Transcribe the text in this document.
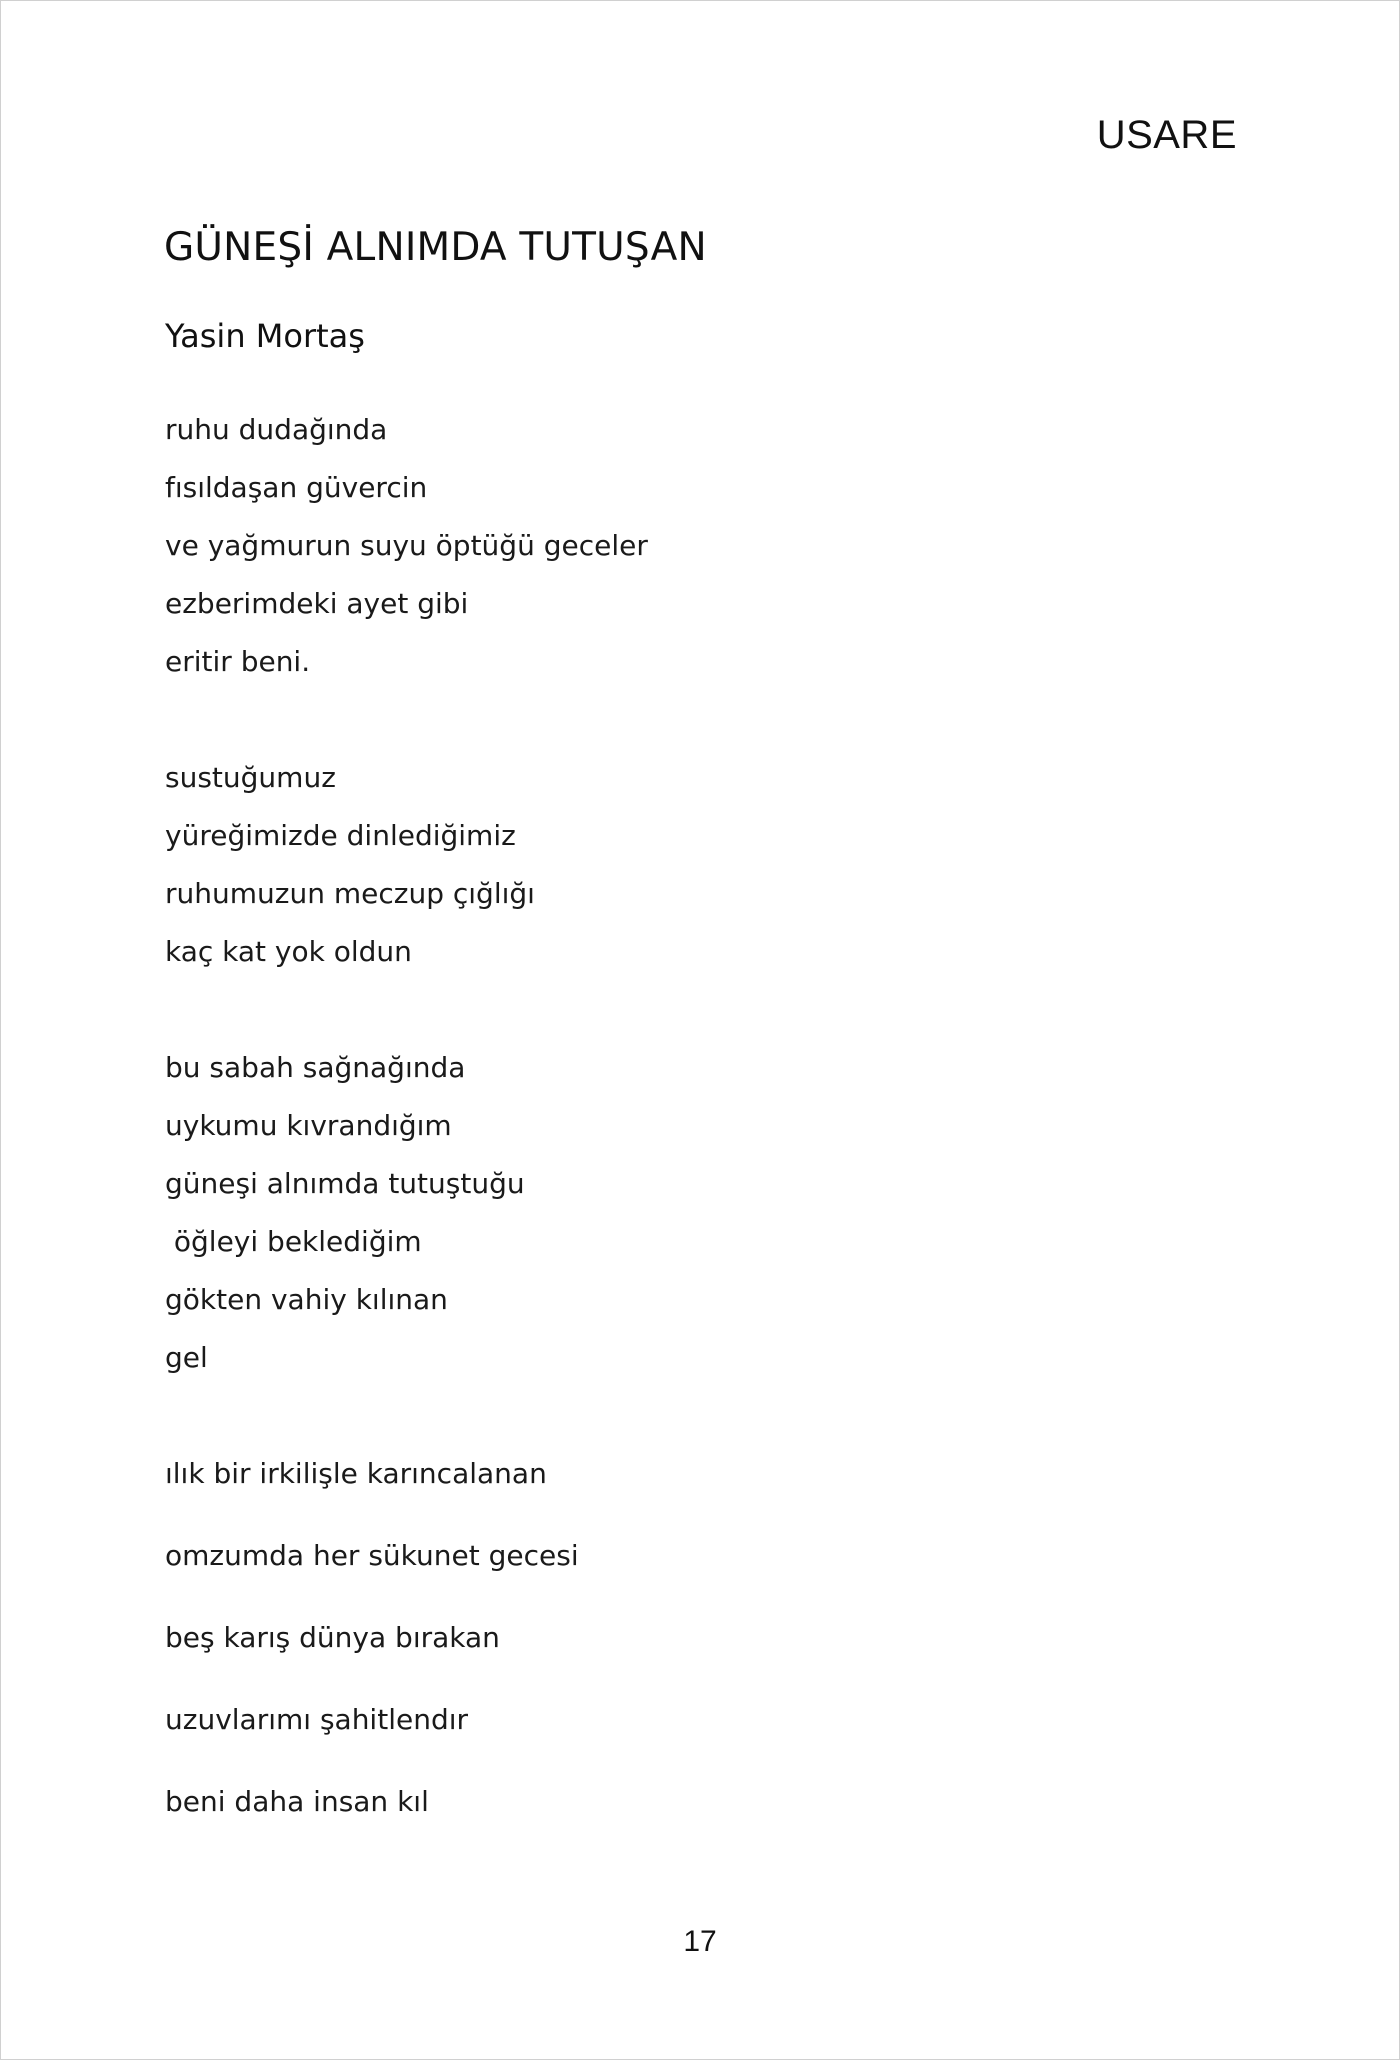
USARE
GÜNEŞİ ALNIMDA TUTUŞAN
Yasin Mortaş
ruhu dudağında
fısıldaşan güvercin
ve yağmurun suyu öptüğü geceler
ezberimdeki ayet gibi
eritir beni.
sustuğumuz
yüreğimizde dinlediğimiz
ruhumuzun meczup çığlığı
kaç kat yok oldun
bu sabah sağnağında
uykumu kıvrandığım
güneşi alnımda tutuştuğu
öğleyi beklediğim
gökten vahiy kılınan
gel
ılık bir irkilişle karıncalanan
omzumda her sükunet gecesi
beş karış dünya bırakan
uzuvlarımı şahitlendır
beni daha insan kıl
17
